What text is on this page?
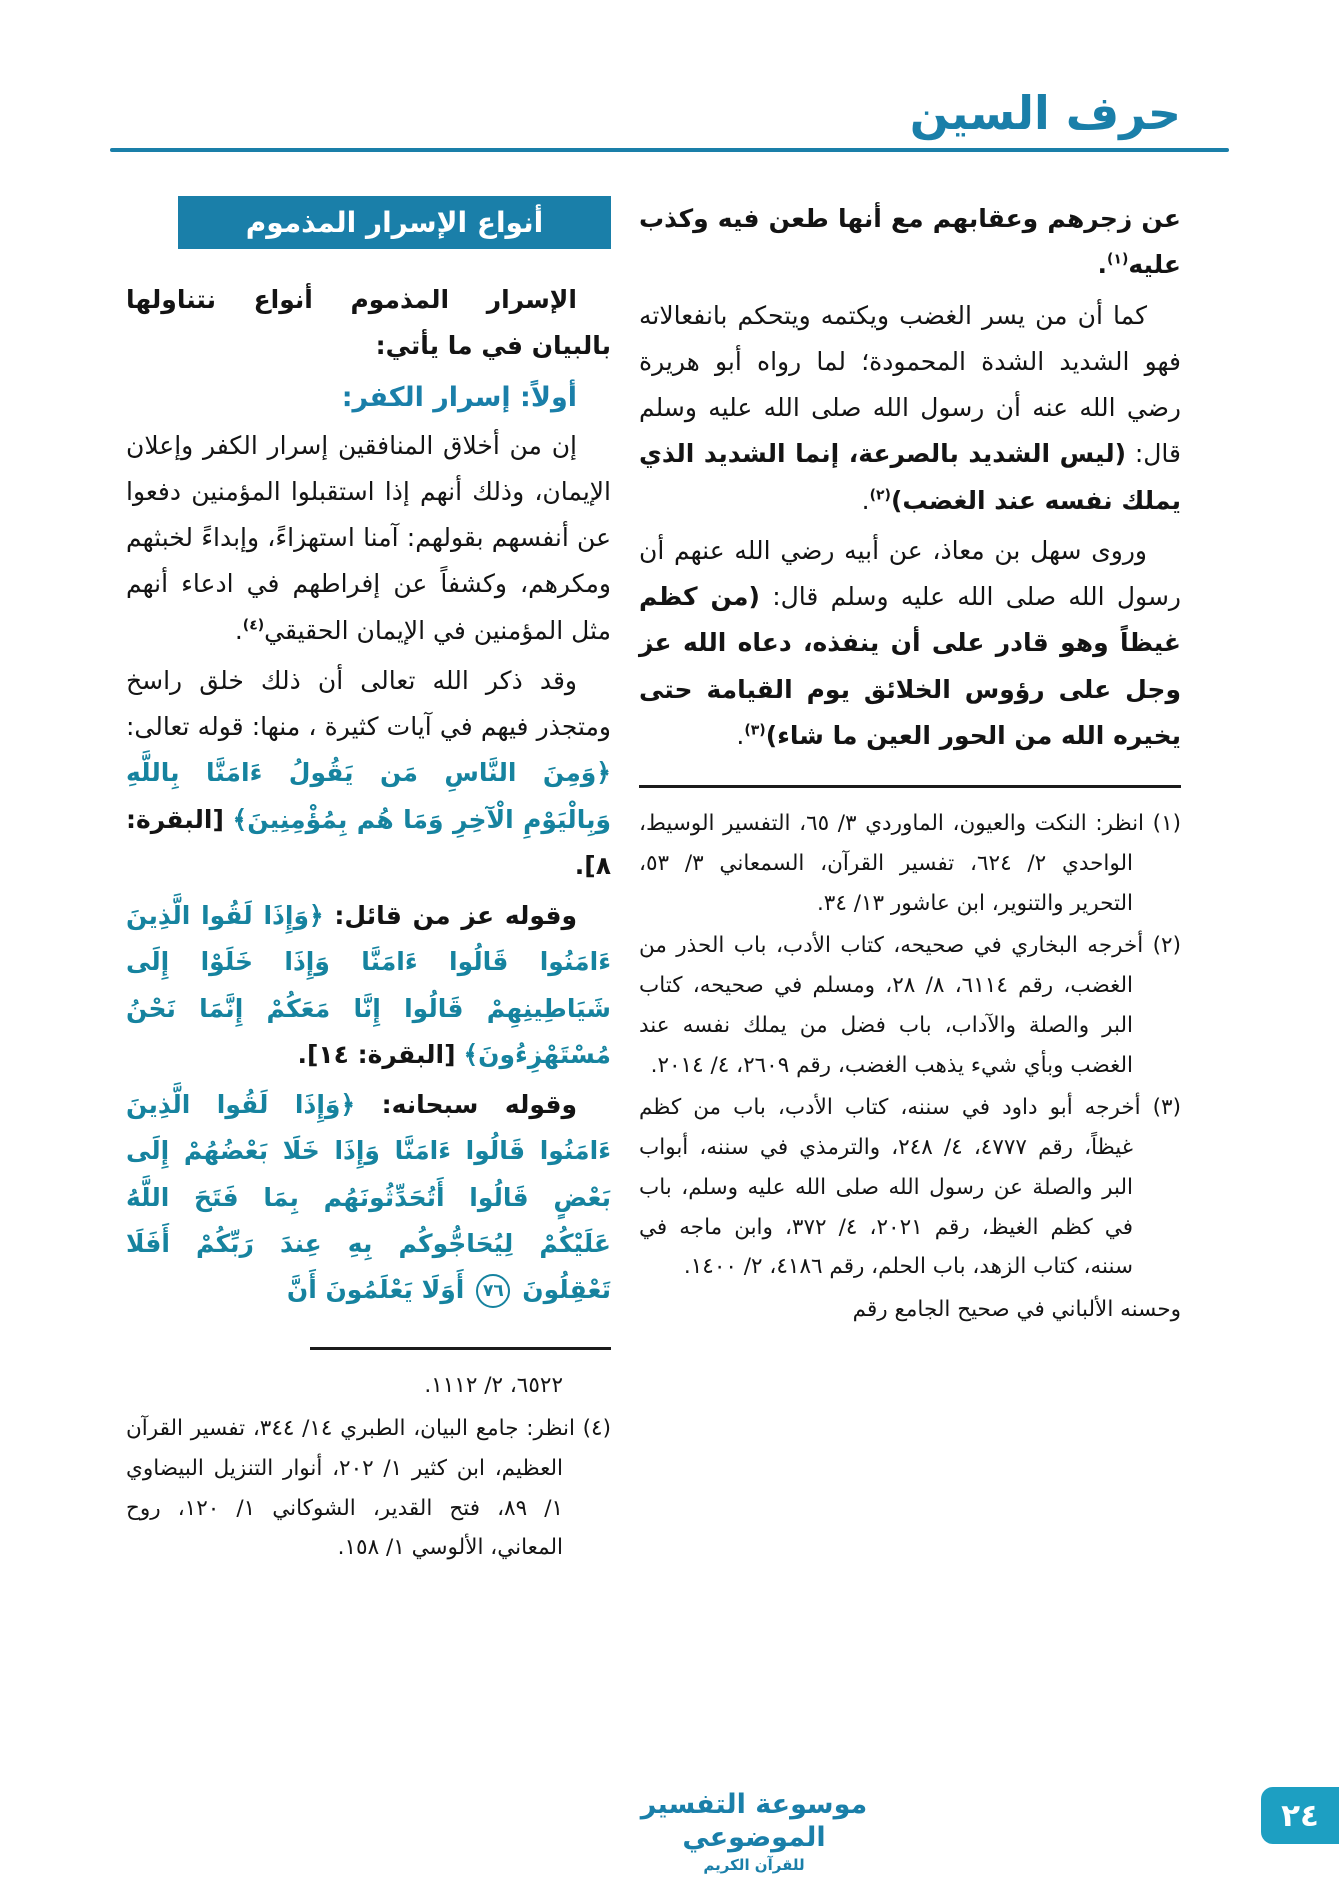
حرف السين

عن زجرهم وعقابهم مع أنها طعن فيه وكذب عليه$^{(١)}$.

كما أن من يسر الغضب ويكتمه ويتحكم بانفعالاته فهو الشديد الشدة المحمودة؛ لما رواه أبو هريرة رضي الله عنه أن رسول الله صلى الله عليه وسلم قال: (ليس الشديد بالصرعة، إنما الشديد الذي يملك نفسه عند الغضب)$^{(٢)}$.

وروى سهل بن معاذ، عن أبيه رضي الله عنهم أن رسول الله صلى الله عليه وسلم قال: (من كظم غيظاً وهو قادر على أن ينفذه، دعاه الله عز وجل على رؤوس الخلائق يوم القيامة حتى يخيره الله من الحور العين ما شاء)$^{(٣)}$.

(١) انظر: النكت والعيون، الماوردي ٣/ ٦٥، التفسير الوسيط، الواحدي ٢/ ٦٢٤، تفسير القرآن، السمعاني ٣/ ٥٣، التحرير والتنوير، ابن عاشور ١٣/ ٣٤.
(٢) أخرجه البخاري في صحيحه، كتاب الأدب، باب الحذر من الغضب، رقم ٦١١٤، ٨/ ٢٨، ومسلم في صحيحه، كتاب البر والصلة والآداب، باب فضل من يملك نفسه عند الغضب وبأي شيء يذهب الغضب، رقم ٢٦٠٩، ٤/ ٢٠١٤.
(٣) أخرجه أبو داود في سننه، كتاب الأدب، باب من كظم غيظاً، رقم ٤٧٧٧، ٤/ ٢٤٨، والترمذي في سننه، أبواب البر والصلة عن رسول الله صلى الله عليه وسلم، باب في كظم الغيظ، رقم ٢٠٢١، ٤/ ٣٧٢، وابن ماجه في سننه، كتاب الزهد، باب الحلم، رقم ٤١٨٦، ٢/ ١٤٠٠.
وحسنه الألباني في صحيح الجامع رقم
أنواع الإسرار المذموم

الإسرار المذموم أنواع نتناولها بالبيان في ما يأتي:

أولاً: إسرار الكفر:

إن من أخلاق المنافقين إسرار الكفر وإعلان الإيمان، وذلك أنهم إذا استقبلوا المؤمنين دفعوا عن أنفسهم بقولهم: آمنا استهزاءً، وإبداءً لخبثهم ومكرهم، وكشفاً عن إفراطهم في ادعاء أنهم مثل المؤمنين في الإيمان الحقيقي$^{(٤)}$.

وقد ذكر الله تعالى أن ذلك خلق راسخ ومتجذر فيهم في آيات كثيرة ، منها: قوله تعالى: ﴿وَمِنَ النَّاسِ مَن يَقُولُ ءَامَنَّا بِاللَّهِ وَبِالْيَوْمِ الْآخِرِ وَمَا هُم بِمُؤْمِنِينَ﴾ [البقرة: ٨].

وقوله عز من قائل: ﴿وَإِذَا لَقُوا الَّذِينَ ءَامَنُوا قَالُوا ءَامَنَّا وَإِذَا خَلَوْا إِلَى شَيَاطِينِهِمْ قَالُوا إِنَّا مَعَكُمْ إِنَّمَا نَحْنُ مُسْتَهْزِءُونَ﴾ [البقرة: ١٤].

وقوله سبحانه: ﴿وَإِذَا لَقُوا الَّذِينَ ءَامَنُوا قَالُوا ءَامَنَّا وَإِذَا خَلَا بَعْضُهُمْ إِلَى بَعْضٍ قَالُوا أَتُحَدِّثُونَهُم بِمَا فَتَحَ اللَّهُ عَلَيْكُمْ لِيُحَاجُّوكُم بِهِ عِندَ رَبِّكُمْ أَفَلَا تَعْقِلُونَ ٧٦ أَوَلَا يَعْلَمُونَ أَنَّ

٦٥٢٢، ٢/ ١١١٢.
(٤) انظر: جامع البيان، الطبري ١٤/ ٣٤٤، تفسير القرآن العظيم، ابن كثير ١/ ٢٠٢، أنوار التنزيل البيضاوي ١/ ٨٩، فتح القدير، الشوكاني ١/ ١٢٠، روح المعاني، الألوسي ١/ ١٥٨.
موسوعة التفسير الموضوعي
للقرآن الكريم
٢٤
